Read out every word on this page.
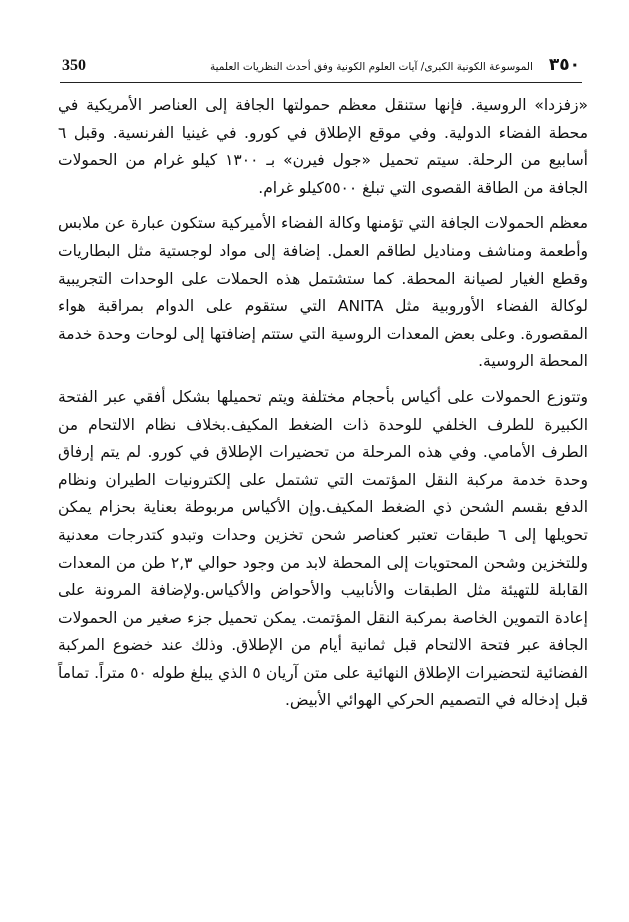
350	الموسوعة الكونية الكبرى/ آيات العلوم الكونية وفق أحدث النظريات العلمية ٣٥٠

«زفزدا» الروسية. فإنها ستنقل معظم حمولتها الجافة إلى العناصر الأمريكية في محطة الفضاء الدولية. وفي موقع الإطلاق في كورو. في غينيا الفرنسية. وقبل ٦ أسابيع من الرحلة. سيتم تحميل «جول فيرن» بـ ١٣٠٠ كيلو غرام من الحمولات الجافة من الطاقة القصوى التي تبلغ ٥٥٠٠كيلو غرام.

معظم الحمولات الجافة التي تؤمنها وكالة الفضاء الأميركية ستكون عبارة عن ملابس وأطعمة ومناشف ومناديل لطاقم العمل. إضافة إلى مواد لوجستية مثل البطاريات وقطع الغيار لصيانة المحطة. كما ستشتمل هذه الحملات على الوحدات التجريبية لوكالة الفضاء الأوروبية مثل ANITA التي ستقوم على الدوام بمراقبة هواء المقصورة. وعلى بعض المعدات الروسية التي ستتم إضافتها إلى لوحات وحدة خدمة المحطة الروسية.

وتتوزع الحمولات على أكياس بأحجام مختلفة ويتم تحميلها بشكل أفقي عبر الفتحة الكبيرة للطرف الخلفي للوحدة ذات الضغط المكيف.بخلاف نظام الالتحام من الطرف الأمامي. وفي هذه المرحلة من تحضيرات الإطلاق في كورو. لم يتم إرفاق وحدة خدمة مركبة النقل المؤتمت التي تشتمل على إلكترونيات الطيران ونظام الدفع بقسم الشحن ذي الضغط المكيف.وإن الأكياس مربوطة بعناية بحزام يمكن تحويلها إلى ٦ طبقات تعتبر كعناصر شحن تخزين وحدات وتبدو كتدرجات معدنية وللتخزين وشحن المحتويات إلى المحطة لابد من وجود حوالي ٢,٣ طن من المعدات القابلة للتهيئة مثل الطبقات والأنابيب والأحواض والأكياس.ولإضافة المرونة على إعادة التموين الخاصة بمركبة النقل المؤتمت. يمكن تحميل جزء صغير من الحمولات الجافة عبر فتحة الالتحام قبل ثمانية أيام من الإطلاق. وذلك عند خضوع المركبة الفضائية لتحضيرات الإطلاق النهائية على متن آريان ٥ الذي يبلغ طوله ٥٠ متراً. تماماً قبل إدخاله في التصميم الحركي الهوائي الأبيض.
